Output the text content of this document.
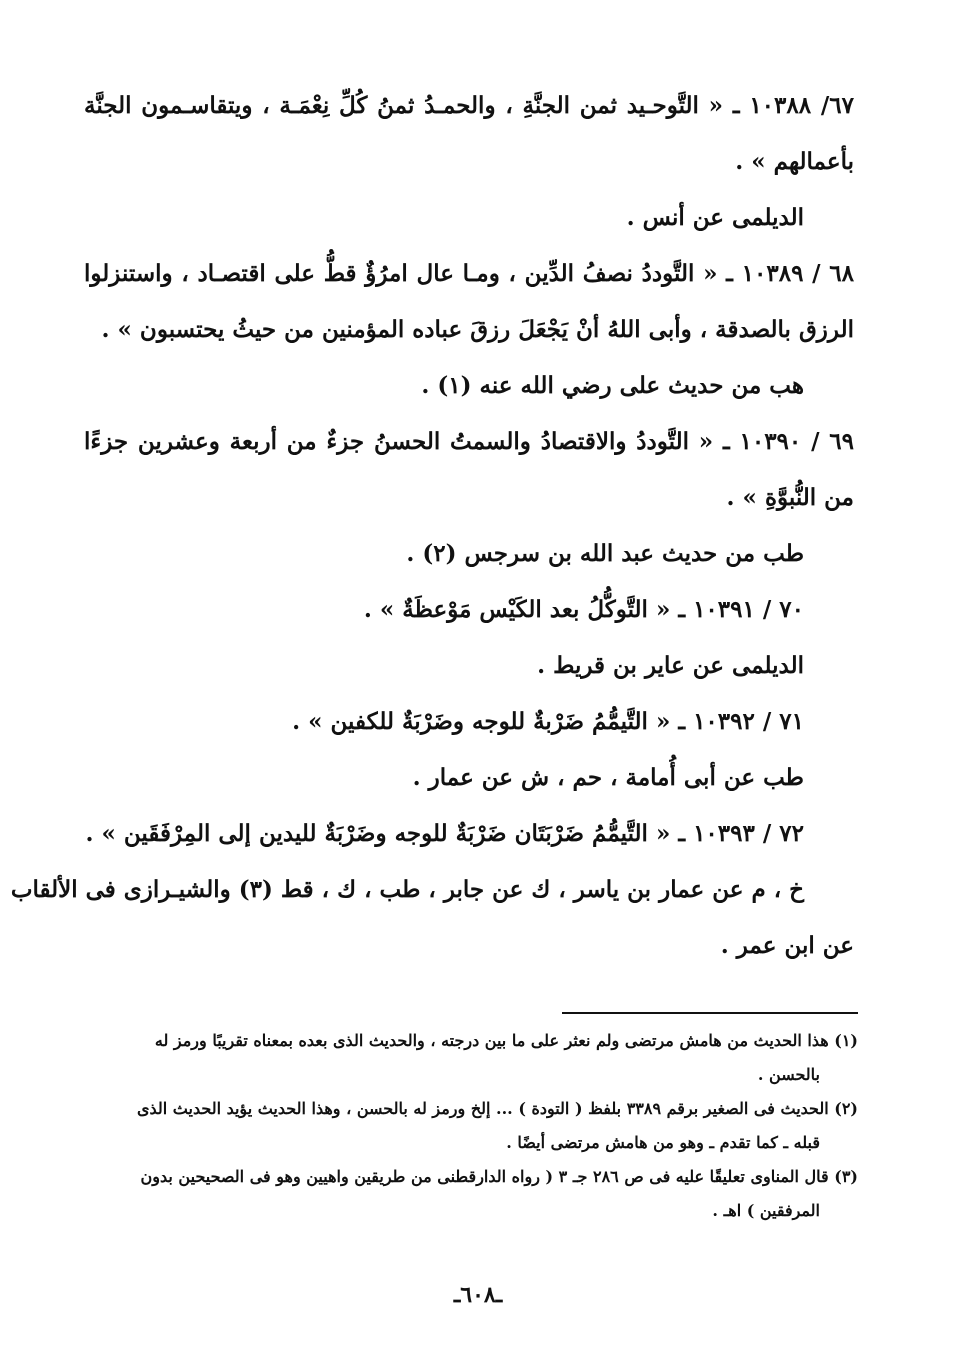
٦٧/ ١٠٣٨٨ ـ « التَّوحـيد ثمن الجنَّةِ ، والحمـدُ ثمنُ كُلِّ نِعْمَـة ، ويتقاسـمون الجنَّة
بأعمالهم » .
الديلمى عن أنس .
٦٨ / ١٠٣٨٩ ـ « التَّوددُ نصفُ الدِّين ، ومـا عال امرُؤٌ قطُّ على اقتصـاد ، واستنزلوا
الرزق بالصدقة ، وأبى اللهُ أنْ يَجْعَلَ رزقَ عباده المؤمنين من حيثُ يحتسبون » .
هب من حديث على رضي الله عنه (١) .
٦٩ / ١٠٣٩٠ ـ « التَّوددُ والاقتصادُ والسمتُ الحسنُ جزءٌ من أربعة وعشرين جزءًا
من النُّبوَّةِ » .
طب من حديث عبد الله بن سرجس (٢) .
٧٠ / ١٠٣٩١ ـ « التَّوكُّلُ بعد الكَيْس مَوْعظَةٌ » .
الديلمى عن عاير بن قريط .
٧١ / ١٠٣٩٢ ـ « التَّيمُّمُ ضَرْبةٌ للوجه وضَرْبَةٌ للكفين » .
طب عن أبى أُمامة ، حم ، ش عن عمار .
٧٢ / ١٠٣٩٣ ـ « التَّيمُّمُ ضَرْبَتَان ضَرْبَةٌ للوجه وضَرْبَةٌ لليدين إلى المِرْفَقَين » .
خ ، م عن عمار بن ياسر ، ك عن جابر ، طب ، ك ، قط (٣) والشيـرازى فى الألقاب
عن ابن عمر .
(١) هذا الحديث من هامش مرتضى ولم نعثر على ما بين درجته ، والحديث الذى بعده بمعناه تقريبًا ورمز له
بالحسن .
(٢) الحديث فى الصغير برقم ٣٣٨٩ بلفظ ( التودة ) ... إلخ ورمز له بالحسن ، وهذا الحديث يؤيد الحديث الذى
قبله ـ كما تقدم ـ وهو من هامش مرتضى أيضًا .
(٣) قال المناوى تعليقًا عليه فى ص ٢٨٦ جـ ٣ ( رواه الدارقطنى من طريقين واهيين وهو فى الصحيحين بدون
المرفقين ) اهـ .
ـ٦٠٨ـ
